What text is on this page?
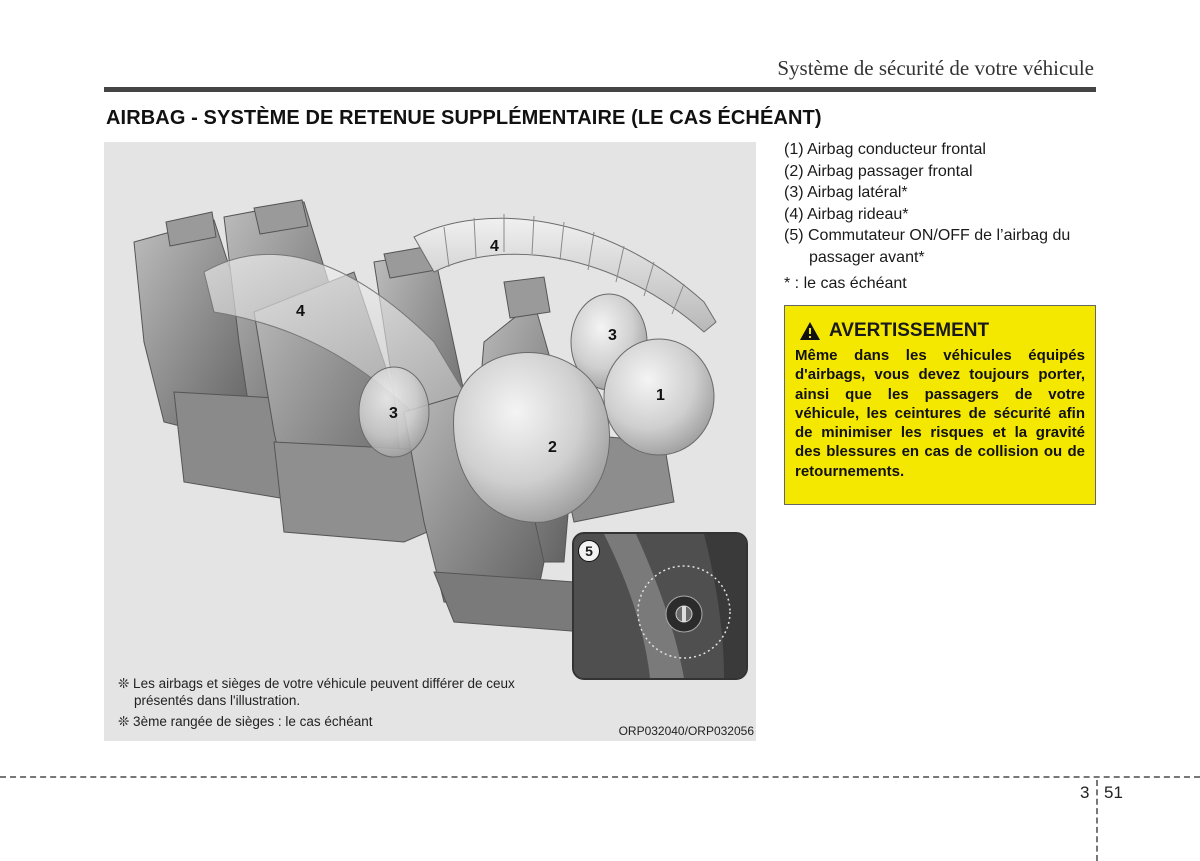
Système de sécurité de votre véhicule
AIRBAG - SYSTÈME DE RETENUE SUPPLÉMENTAIRE (LE CAS ÉCHÉANT)
4
4
3
3
1
2
5
❊ Les airbags et sièges de votre véhicule peuvent différer de ceux présentés dans l'illustration.
❊ 3ème rangée de sièges : le cas échéant
ORP032040/ORP032056
(1) Airbag conducteur frontal
(2) Airbag passager frontal
(3) Airbag latéral*
(4) Airbag rideau*
(5) Commutateur ON/OFF de l’airbag du passager avant*
* : le cas échéant
AVERTISSEMENT
Même dans les véhicules équipés d'airbags, vous devez toujours porter, ainsi que les passagers de votre véhicule, les ceintures de sécurité afin de minimiser les risques et la gravité des blessures en cas de collision ou de retournements.
3 51
